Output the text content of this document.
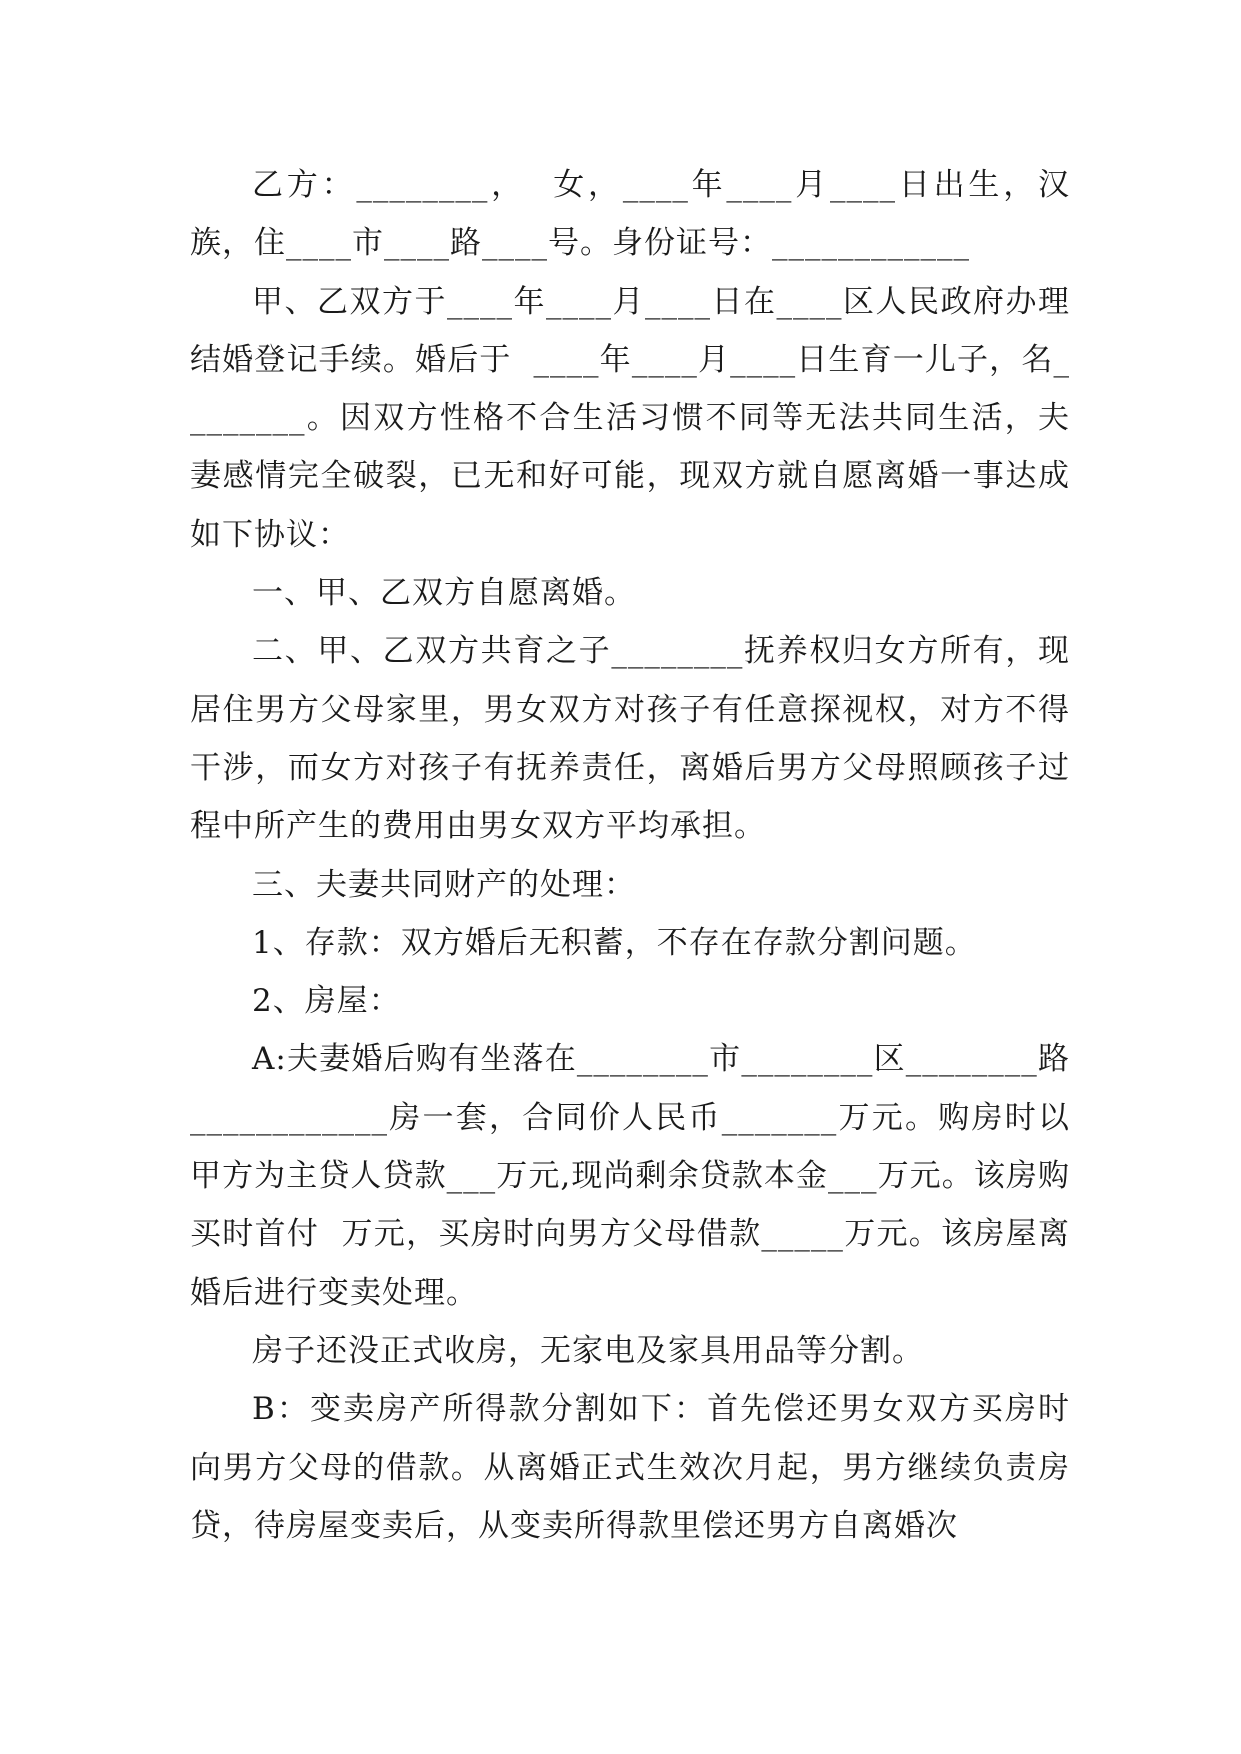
乙方：________，  女，____年____月____日出生，汉族，住____市____路____号。身份证号：____________

甲、乙双方于____年____月____日在____区人民政府办理结婚登记手续。婚后于  ____年____月____日生育一儿子，名________。因双方性格不合生活习惯不同等无法共同生活，夫妻感情完全破裂，已无和好可能，现双方就自愿离婚一事达成如下协议：

一、甲、乙双方自愿离婚。

二、甲、乙双方共育之子________抚养权归女方所有，现居住男方父母家里，男女双方对孩子有任意探视权，对方不得干涉，而女方对孩子有抚养责任，离婚后男方父母照顾孩子过程中所产生的费用由男女双方平均承担。

三、夫妻共同财产的处理：

1、存款：双方婚后无积蓄，不存在存款分割问题。

2、房屋：

A:夫妻婚后购有坐落在________市________区________路  ____________房一套，合同价人民币_______万元。购房时以甲方为主贷人贷款___万元,现尚剩余贷款本金___万元。该房购买时首付  万元，买房时向男方父母借款_____万元。该房屋离婚后进行变卖处理。

房子还没正式收房，无家电及家具用品等分割。

B：变卖房产所得款分割如下：首先偿还男女双方买房时向男方父母的借款。从离婚正式生效次月起，男方继续负责房贷，待房屋变卖后，从变卖所得款里偿还男方自离婚次
